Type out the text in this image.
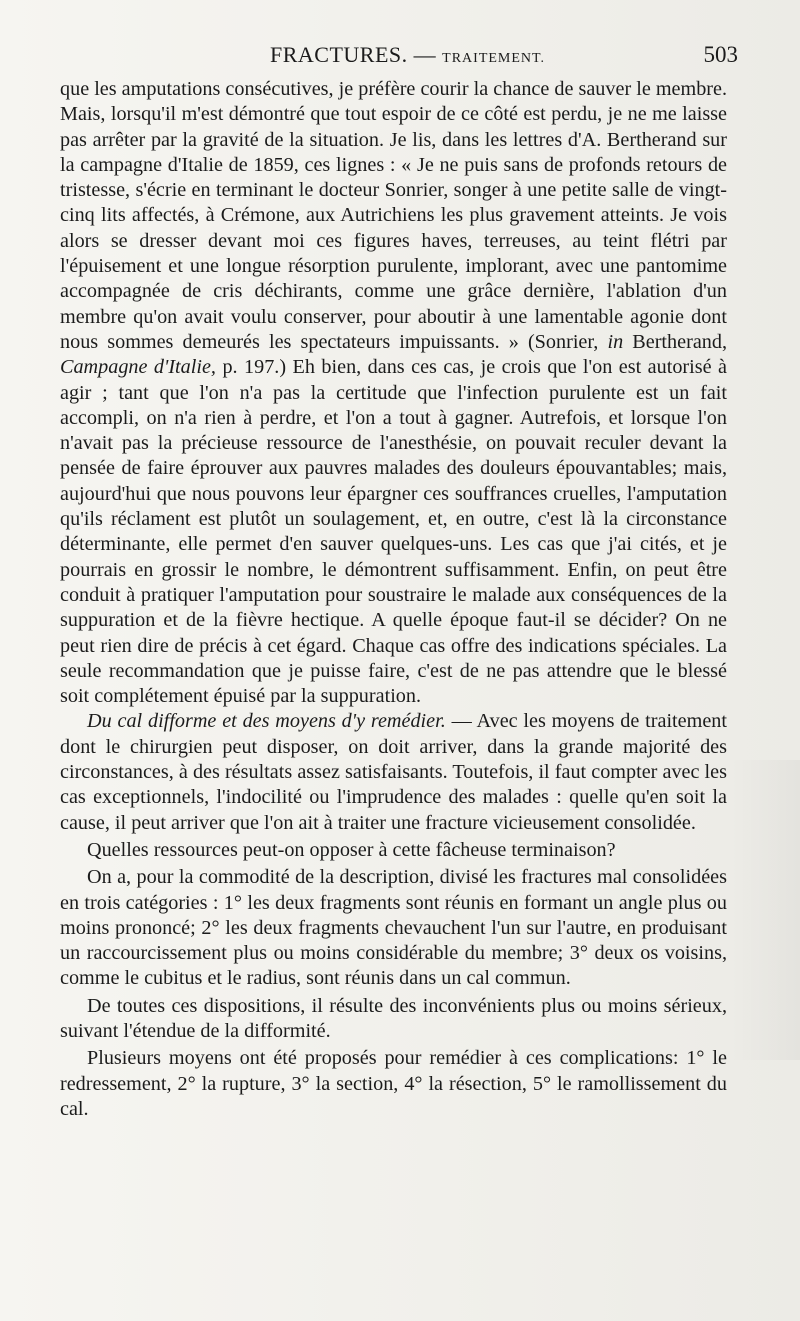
FRACTURES. — TRAITEMENT.	503

que les amputations consécutives, je préfère courir la chance de sauver le membre. Mais, lorsqu'il m'est démontré que tout espoir de ce côté est perdu, je ne me laisse pas arrêter par la gravité de la situation. Je lis, dans les lettres d'A. Bertherand sur la campagne d'Italie de 1859, ces lignes : « Je ne puis sans de profonds retours de tristesse, s'écrie en terminant le docteur Sonrier, songer à une petite salle de vingt-cinq lits affectés, à Crémone, aux Autrichiens les plus gravement atteints. Je vois alors se dresser devant moi ces figures haves, terreuses, au teint flétri par l'épuisement et une longue résorption purulente, implorant, avec une pantomime accompagnée de cris déchirants, comme une grâce dernière, l'ablation d'un membre qu'on avait voulu conserver, pour aboutir à une lamentable agonie dont nous sommes demeurés les spectateurs impuissants. » (Sonrier, in Bertherand, Campagne d'Italie, p. 197.) Eh bien, dans ces cas, je crois que l'on est autorisé à agir ; tant que l'on n'a pas la certitude que l'infection purulente est un fait accompli, on n'a rien à perdre, et l'on a tout à gagner. Autrefois, et lorsque l'on n'avait pas la précieuse ressource de l'anesthésie, on pouvait reculer devant la pensée de faire éprouver aux pauvres malades des douleurs épouvantables; mais, aujourd'hui que nous pouvons leur épargner ces souffrances cruelles, l'amputation qu'ils réclament est plutôt un soulagement, et, en outre, c'est là la circonstance déterminante, elle permet d'en sauver quelques-uns. Les cas que j'ai cités, et je pourrais en grossir le nombre, le démontrent suffisamment. Enfin, on peut être conduit à pratiquer l'amputation pour soustraire le malade aux conséquences de la suppuration et de la fièvre hectique. A quelle époque faut-il se décider? On ne peut rien dire de précis à cet égard. Chaque cas offre des indications spéciales. La seule recommandation que je puisse faire, c'est de ne pas attendre que le blessé soit complétement épuisé par la suppuration.

Du cal difforme et des moyens d'y remédier. — Avec les moyens de traitement dont le chirurgien peut disposer, on doit arriver, dans la grande majorité des circonstances, à des résultats assez satisfaisants. Toutefois, il faut compter avec les cas exceptionnels, l'indocilité ou l'imprudence des malades : quelle qu'en soit la cause, il peut arriver que l'on ait à traiter une fracture vicieusement consolidée.

Quelles ressources peut-on opposer à cette fâcheuse terminaison?

On a, pour la commodité de la description, divisé les fractures mal consolidées en trois catégories : 1° les deux fragments sont réunis en formant un angle plus ou moins prononcé; 2° les deux fragments chevauchent l'un sur l'autre, en produisant un raccourcissement plus ou moins considérable du membre; 3° deux os voisins, comme le cubitus et le radius, sont réunis dans un cal commun.

De toutes ces dispositions, il résulte des inconvénients plus ou moins sérieux, suivant l'étendue de la difformité.

Plusieurs moyens ont été proposés pour remédier à ces complications: 1° le redressement, 2° la rupture, 3° la section, 4° la résection, 5° le ramollissement du cal.
